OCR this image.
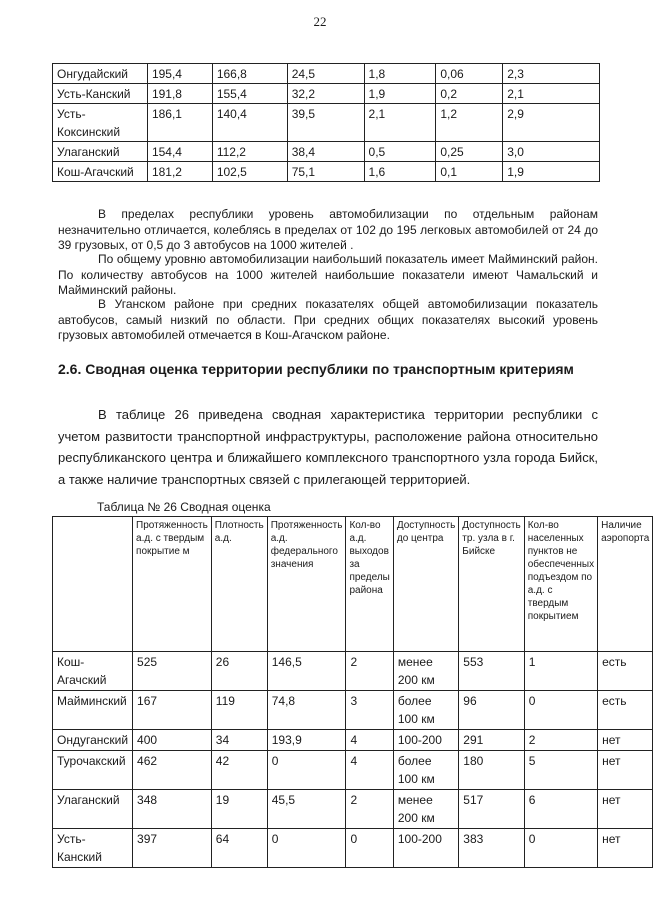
22
Онгудайский	195,4	166,8	24,5	1,8	0,06	2,3
Усть-Канский	191,8	155,4	32,2	1,9	0,2	2,1
Усть-Коксинский	186,1	140,4	39,5	2,1	1,2	2,9
Улаганский	154,4	112,2	38,4	0,5	0,25	3,0
Кош-Агачский	181,2	102,5	75,1	1,6	0,1	1,9

В пределах республики уровень автомобилизации по отдельным районам незначительно отличается, колеблясь в пределах от 102 до 195 легковых автомобилей от 24 до 39 грузовых, от 0,5 до 3 автобусов на 1000 жителей .

По общему уровню автомобилизации наибольший показатель имеет Майминский район. По количеству автобусов на 1000 жителей наибольшие показатели имеют Чамальский и Майминский районы.

В Уганском районе при средних показателях общей автомобилизации показатель автобусов, самый низкий по области. При средних общих показателях высокий уровень грузовых автомобилей отмечается в Кош-Агачском районе.

2.6. Сводная оценка территории республики по транспортным критериям

В таблице 26 приведена сводная характеристика территории республики с учетом развитости транспортной инфраструктуры, расположение района относительно республиканского центра и ближайшего комплексного транспортного узла города Бийск, а также наличие транспортных связей с прилегающей территорией.

Таблица № 26 Сводная оценка

	Протяженность а.д. с твердым покрытие м	Плотность а.д.	Протяженность а.д. федерального значения	Кол-во а.д. выходов за пределы района	Доступность до центра	Доступность тр. узла в г. Бийске	Кол-во населенных пунктов не обеспеченных подъездом по а.д. с твердым покрытием	Наличие аэропорта
Кош-Агачский	525	26	146,5	2	менее 200 км	553	1	есть
Майминский	167	119	74,8	3	более 100 км	96	0	есть
Ондуганский	400	34	193,9	4	100-200	291	2	нет
Турочакский	462	42	0	4	более 100 км	180	5	нет
Улаганский	348	19	45,5	2	менее 200 км	517	6	нет
Усть-Канский	397	64	0	0	100-200	383	0	нет
